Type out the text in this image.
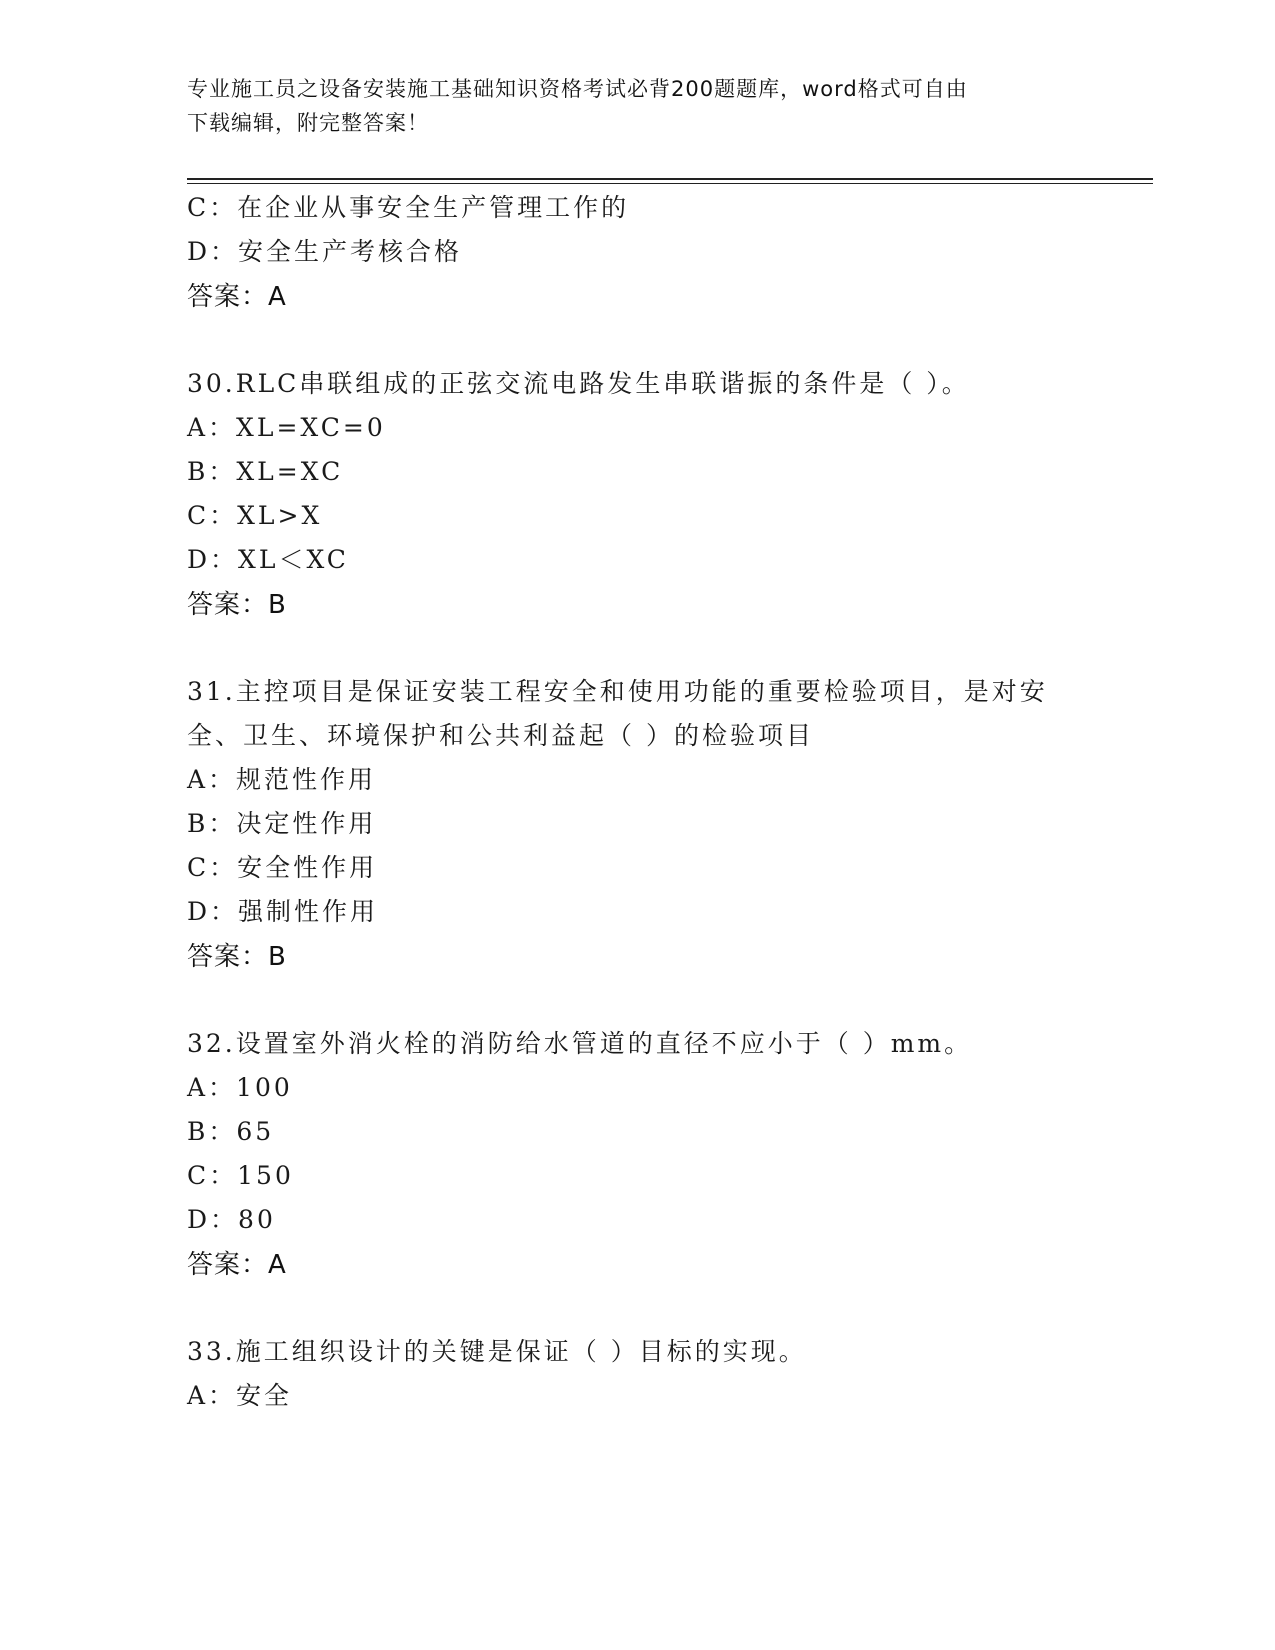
专业施工员之设备安装施工基础知识资格考试必背200题题库，word格式可自由
下载编辑，附完整答案！
C：在企业从事安全生产管理工作的
D：安全生产考核合格
答案：A
30.RLC串联组成的正弦交流电路发生串联谐振的条件是（ ）。
A：XL=XC=0
B：XL=XC
C：XL>X
D：XL＜XC
答案：B
31.主控项目是保证安装工程安全和使用功能的重要检验项目，是对安
全、卫生、环境保护和公共利益起（ ）的检验项目
A：规范性作用
B：决定性作用
C：安全性作用
D：强制性作用
答案：B
32.设置室外消火栓的消防给水管道的直径不应小于（ ）mm。
A：100
B：65
C：150
D：80
答案：A
33.施工组织设计的关键是保证（ ）目标的实现。
A：安全
